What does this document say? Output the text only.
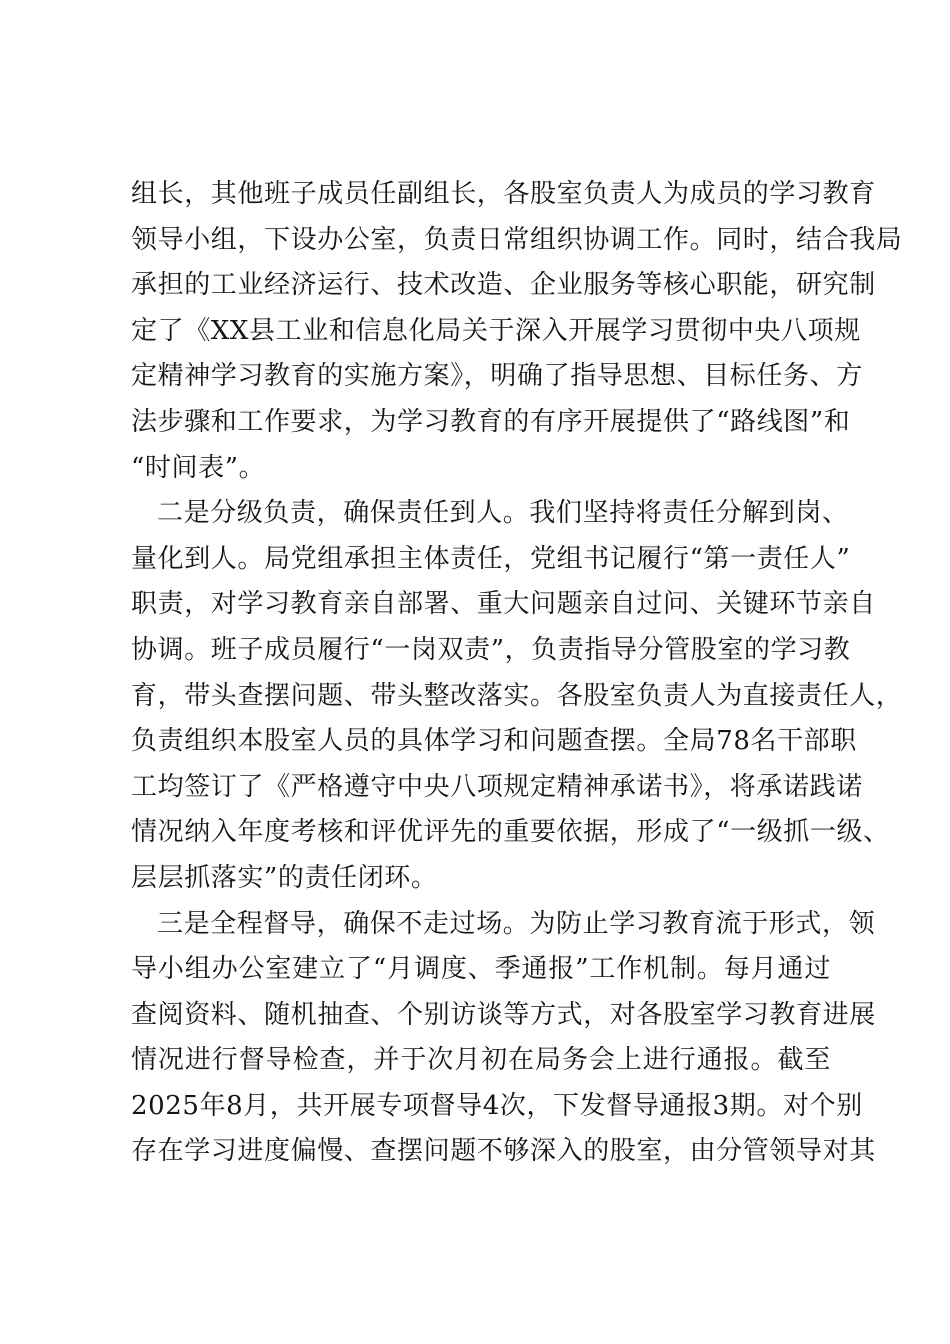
组长，其他班子成员任副组长，各股室负责人为成员的学习教育
领导小组，下设办公室，负责日常组织协调工作。同时，结合我局
承担的工业经济运行、技术改造、企业服务等核心职能，研究制
定了《XX县工业和信息化局关于深入开展学习贯彻中央八项规
定精神学习教育的实施方案》，明确了指导思想、目标任务、方
法步骤和工作要求，为学习教育的有序开展提供了“路线图”和
“时间表”。
二是分级负责，确保责任到人。我们坚持将责任分解到岗、
量化到人。局党组承担主体责任，党组书记履行“第一责任人”
职责，对学习教育亲自部署、重大问题亲自过问、关键环节亲自
协调。班子成员履行“一岗双责”，负责指导分管股室的学习教
育，带头查摆问题、带头整改落实。各股室负责人为直接责任人，
负责组织本股室人员的具体学习和问题查摆。全局78名干部职
工均签订了《严格遵守中央八项规定精神承诺书》，将承诺践诺
情况纳入年度考核和评优评先的重要依据，形成了“一级抓一级、
层层抓落实”的责任闭环。
三是全程督导，确保不走过场。为防止学习教育流于形式，领
导小组办公室建立了“月调度、季通报”工作机制。每月通过
查阅资料、随机抽查、个别访谈等方式，对各股室学习教育进展
情况进行督导检查，并于次月初在局务会上进行通报。截至
2025年8月，共开展专项督导4次，下发督导通报3期。对个别
存在学习进度偏慢、查摆问题不够深入的股室，由分管领导对其
